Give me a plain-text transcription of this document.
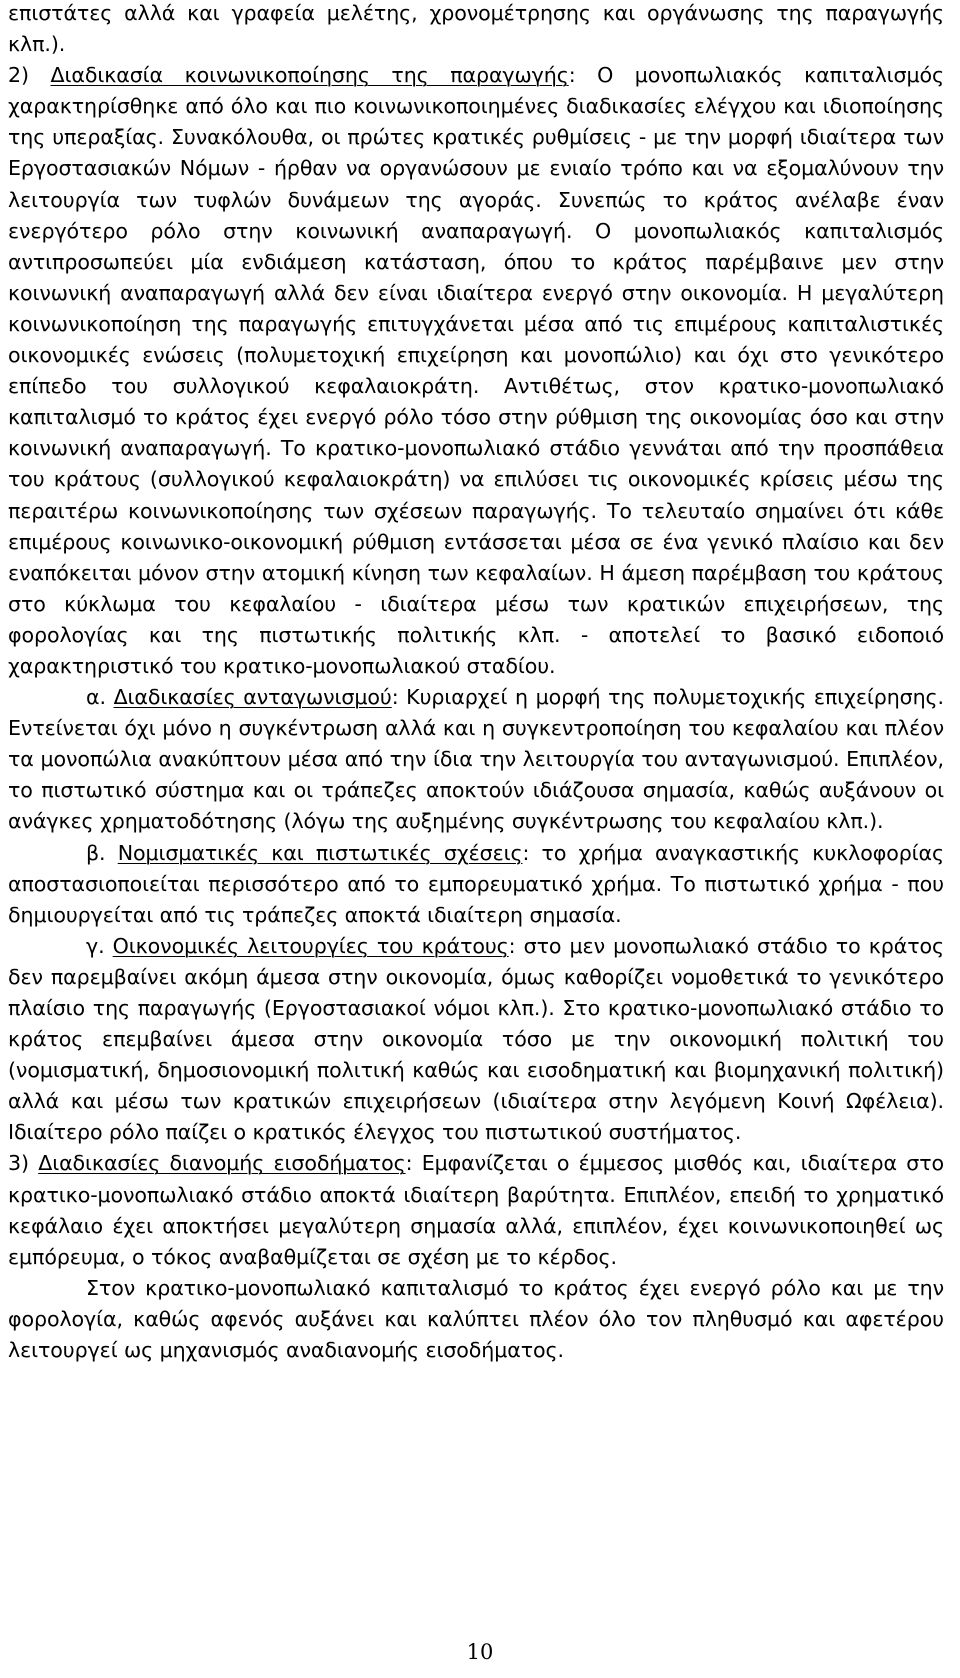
επιστάτες αλλά και γραφεία μελέτης, χρονομέτρησης και οργάνωσης της παραγωγής κλπ.).

2) Διαδικασία κοινωνικοποίησης της παραγωγής: Ο μονοπωλιακός καπιταλισμός χαρακτηρίσθηκε από όλο και πιο κοινωνικοποιημένες διαδικασίες ελέγχου και ιδιοποίησης της υπεραξίας. Συνακόλουθα, οι πρώτες κρατικές ρυθμίσεις - με την μορφή ιδιαίτερα των Εργοστασιακών Νόμων - ήρθαν να οργανώσουν με ενιαίο τρόπο και να εξομαλύνουν την λειτουργία των τυφλών δυνάμεων της αγοράς. Συνεπώς το κράτος ανέλαβε έναν ενεργότερο ρόλο στην κοινωνική αναπαραγωγή. Ο μονοπωλιακός καπιταλισμός αντιπροσωπεύει μία ενδιάμεση κατάσταση, όπου το κράτος παρέμβαινε μεν στην κοινωνική αναπαραγωγή αλλά δεν είναι ιδιαίτερα ενεργό στην οικονομία. Η μεγαλύτερη κοινωνικοποίηση της παραγωγής επιτυγχάνεται μέσα από τις επιμέρους καπιταλιστικές οικονομικές ενώσεις (πολυμετοχική επιχείρηση και μονοπώλιο) και όχι στο γενικότερο επίπεδο του συλλογικού κεφαλαιοκράτη. Αντιθέτως, στον κρατικο-μονοπωλιακό καπιταλισμό το κράτος έχει ενεργό ρόλο τόσο στην ρύθμιση της οικονομίας όσο και στην κοινωνική αναπαραγωγή. Το κρατικο-μονοπωλιακό στάδιο γεννάται από την προσπάθεια του κράτους (συλλογικού κεφαλαιοκράτη) να επιλύσει τις οικονομικές κρίσεις μέσω της περαιτέρω κοινωνικοποίησης των σχέσεων παραγωγής. Το τελευταίο σημαίνει ότι κάθε επιμέρους κοινωνικο-οικονομική ρύθμιση εντάσσεται μέσα σε ένα γενικό πλαίσιο και δεν εναπόκειται μόνον στην ατομική κίνηση των κεφαλαίων. Η άμεση παρέμβαση του κράτους στο κύκλωμα του κεφαλαίου - ιδιαίτερα μέσω των κρατικών επιχειρήσεων, της φορολογίας και της πιστωτικής πολιτικής κλπ. - αποτελεί το βασικό ειδοποιό χαρακτηριστικό του κρατικο-μονοπωλιακού σταδίου.

α. Διαδικασίες ανταγωνισμού: Κυριαρχεί η μορφή της πολυμετοχικής επιχείρησης. Εντείνεται όχι μόνο η συγκέντρωση αλλά και η συγκεντροποίηση του κεφαλαίου και πλέον τα μονοπώλια ανακύπτουν μέσα από την ίδια την λειτουργία του ανταγωνισμού. Επιπλέον, το πιστωτικό σύστημα και οι τράπεζες αποκτούν ιδιάζουσα σημασία, καθώς αυξάνουν οι ανάγκες χρηματοδότησης (λόγω της αυξημένης συγκέντρωσης του κεφαλαίου κλπ.).

β. Νομισματικές και πιστωτικές σχέσεις: το χρήμα αναγκαστικής κυκλοφορίας αποστασιοποιείται περισσότερο από το εμπορευματικό χρήμα. Το πιστωτικό χρήμα - που δημιουργείται από τις τράπεζες αποκτά ιδιαίτερη σημασία.

γ. Οικονομικές λειτουργίες του κράτους: στο μεν μονοπωλιακό στάδιο το κράτος δεν παρεμβαίνει ακόμη άμεσα στην οικονομία, όμως καθορίζει νομοθετικά το γενικότερο πλαίσιο της παραγωγής (Εργοστασιακοί νόμοι κλπ.). Στο κρατικο-μονοπωλιακό στάδιο το κράτος επεμβαίνει άμεσα στην οικονομία τόσο με την οικονομική πολιτική του (νομισματική, δημοσιονομική πολιτική καθώς και εισοδηματική και βιομηχανική πολιτική) αλλά και μέσω των κρατικών επιχειρήσεων (ιδιαίτερα στην λεγόμενη Κοινή Ωφέλεια). Ιδιαίτερο ρόλο παίζει ο κρατικός έλεγχος του πιστωτικού συστήματος.

3) Διαδικασίες διανομής εισοδήματος: Εμφανίζεται ο έμμεσος μισθός και, ιδιαίτερα στο κρατικο-μονοπωλιακό στάδιο αποκτά ιδιαίτερη βαρύτητα. Επιπλέον, επειδή το χρηματικό κεφάλαιο έχει αποκτήσει μεγαλύτερη σημασία αλλά, επιπλέον, έχει κοινωνικοποιηθεί ως εμπόρευμα, ο τόκος αναβαθμίζεται σε σχέση με το κέρδος.

Στον κρατικο-μονοπωλιακό καπιταλισμό το κράτος έχει ενεργό ρόλο και με την φορολογία, καθώς αφενός αυξάνει και καλύπτει πλέον όλο τον πληθυσμό και αφετέρου λειτουργεί ως μηχανισμός αναδιανομής εισοδήματος.

10
